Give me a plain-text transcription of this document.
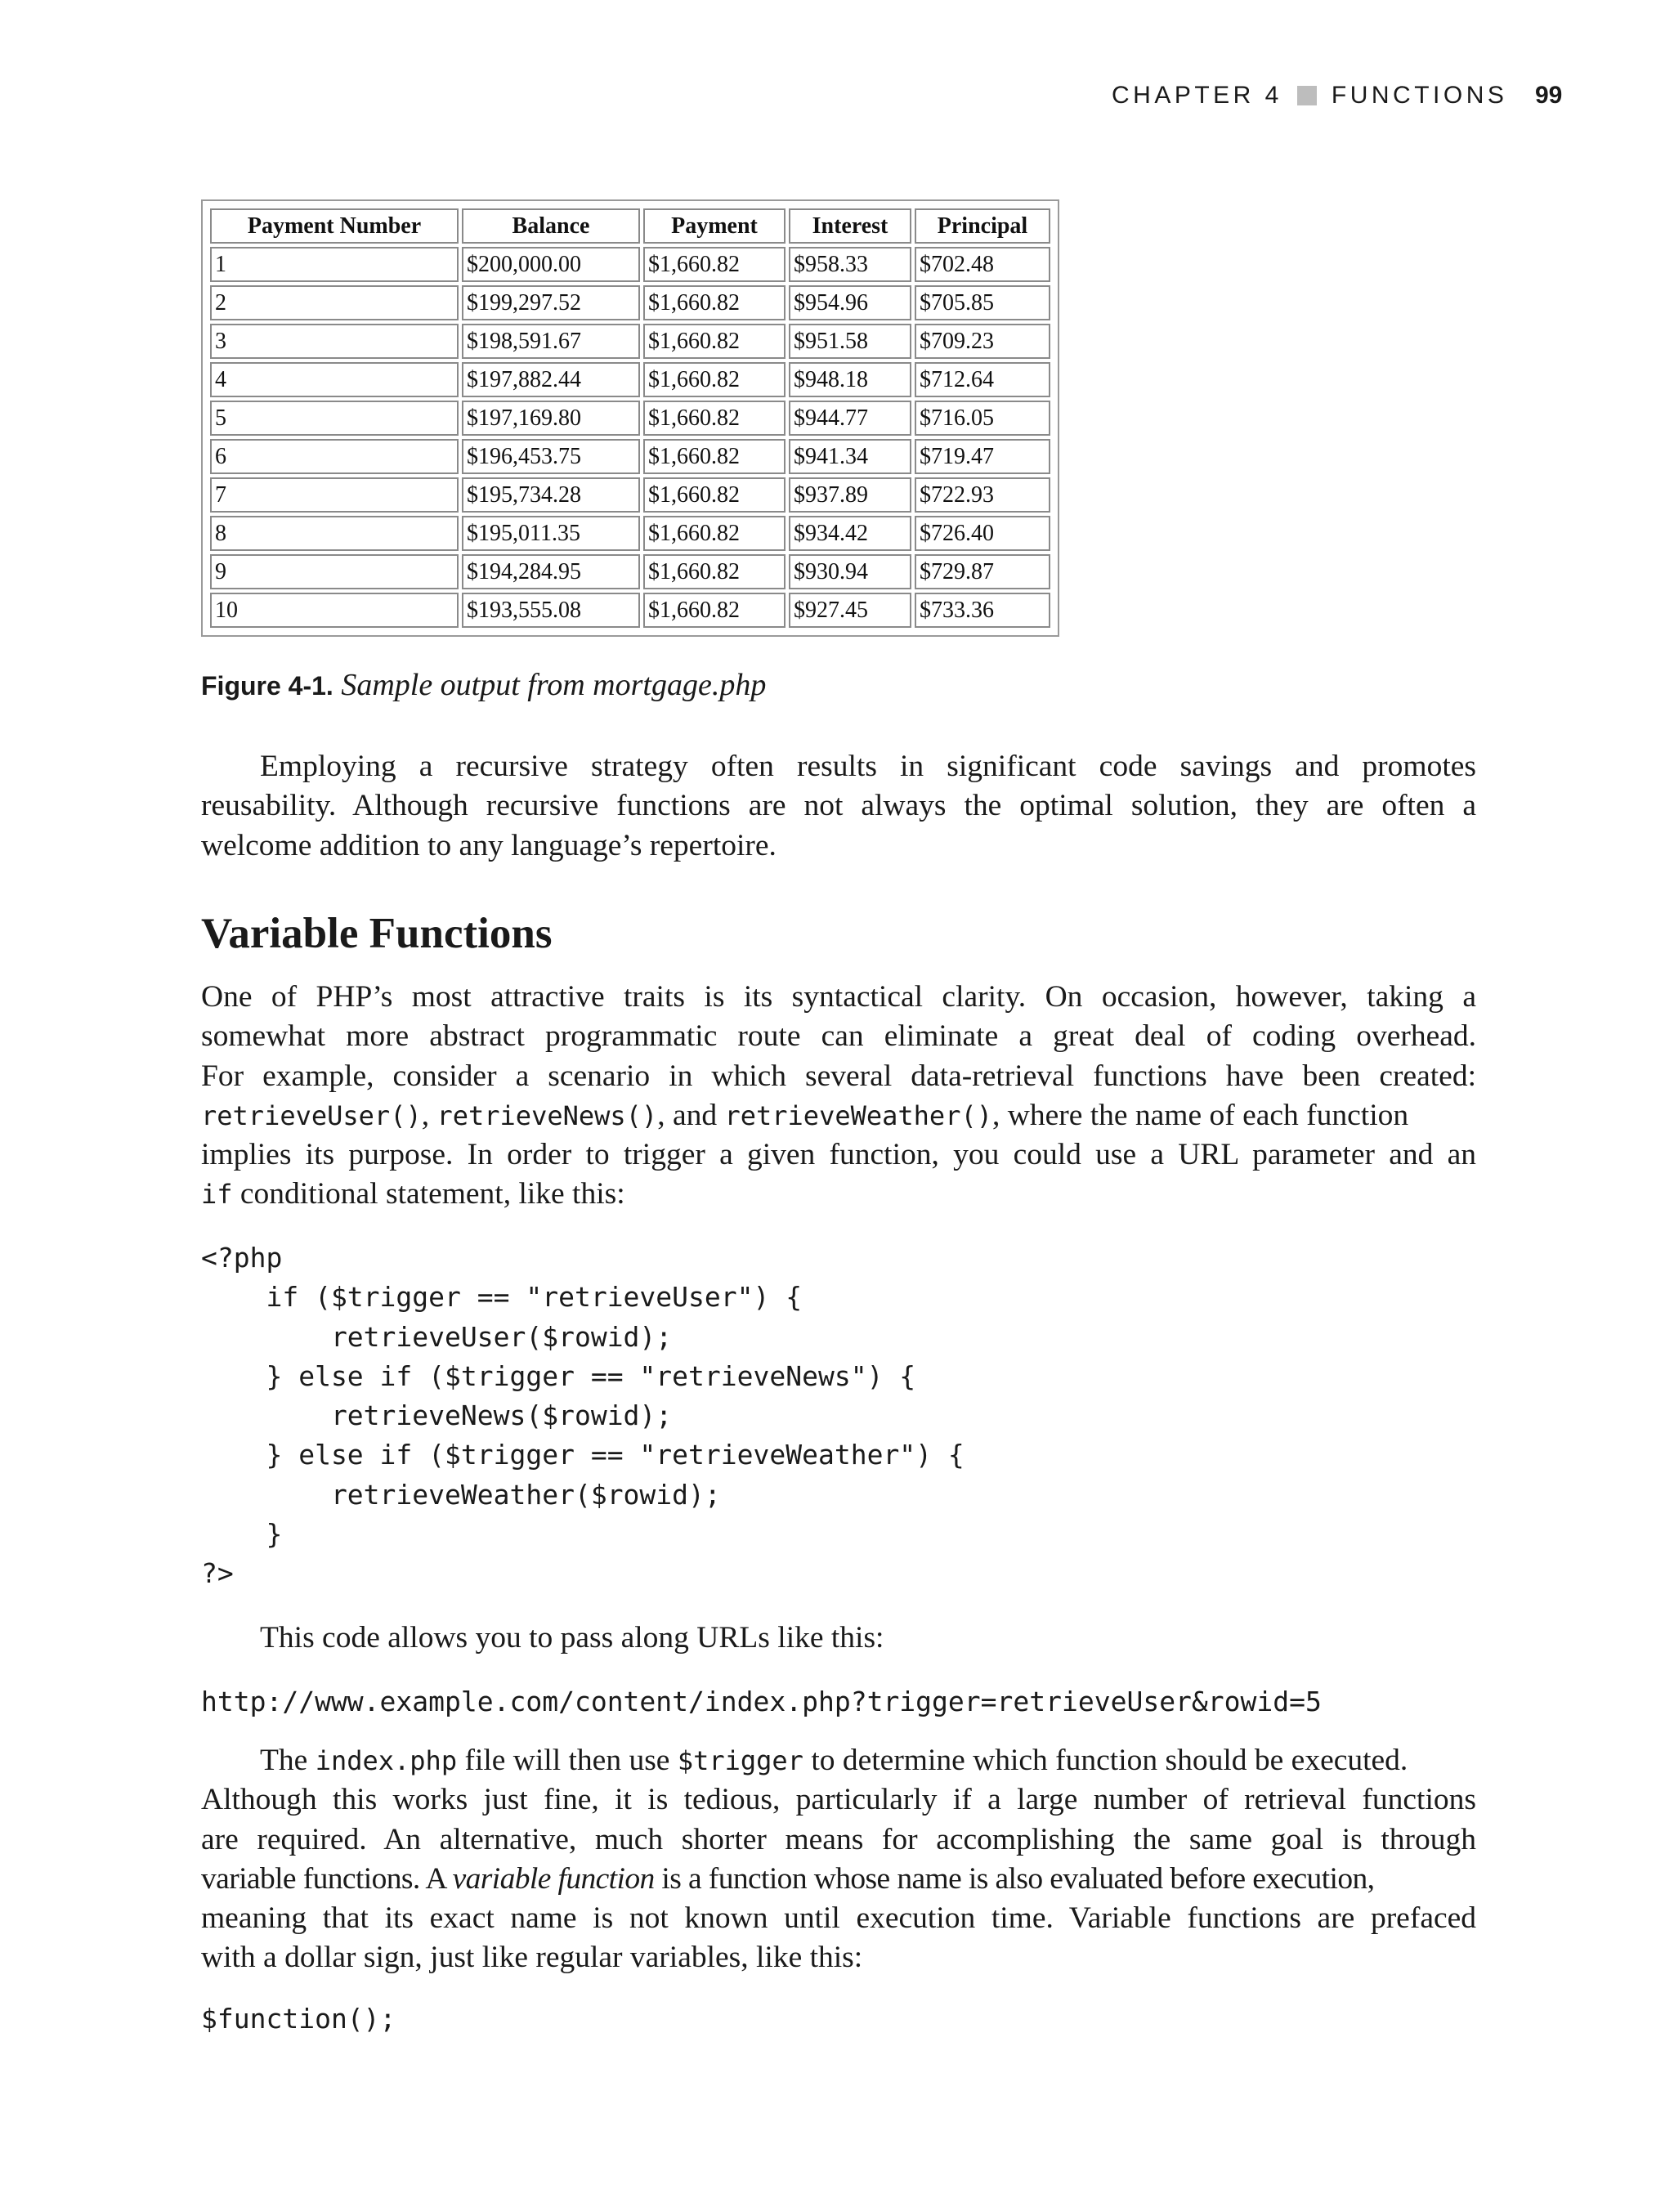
CHAPTER 4 FUNCTIONS 99
Payment Number	Balance	Payment	Interest	Principal
1	$200,000.00	$1,660.82	$958.33	$702.48
2	$199,297.52	$1,660.82	$954.96	$705.85
3	$198,591.67	$1,660.82	$951.58	$709.23
4	$197,882.44	$1,660.82	$948.18	$712.64
5	$197,169.80	$1,660.82	$944.77	$716.05
6	$196,453.75	$1,660.82	$941.34	$719.47
7	$195,734.28	$1,660.82	$937.89	$722.93
8	$195,011.35	$1,660.82	$934.42	$726.40
9	$194,284.95	$1,660.82	$930.94	$729.87
10	$193,555.08	$1,660.82	$927.45	$733.36
Figure 4-1. Sample output from mortgage.php

Employing a recursive strategy often results in significant code savings and promotes
reusability. Although recursive functions are not always the optimal solution, they are often a
welcome addition to any language’s repertoire.

Variable Functions

One of PHP’s most attractive traits is its syntactical clarity. On occasion, however, taking a
somewhat more abstract programmatic route can eliminate a great deal of coding overhead.
For example, consider a scenario in which several data-retrieval functions have been created:
retrieveUser(), retrieveNews(), and retrieveWeather(), where the name of each function
implies its purpose. In order to trigger a given function, you could use a URL parameter and an
if conditional statement, like this:

<?php
if ($trigger == "retrieveUser") {
retrieveUser($rowid);
} else if ($trigger == "retrieveNews") {
retrieveNews($rowid);
} else if ($trigger == "retrieveWeather") {
retrieveWeather($rowid);
}
?>

This code allows you to pass along URLs like this:

http://www.example.com/content/index.php?trigger=retrieveUser&rowid=5

The index.php file will then use $trigger to determine which function should be executed.
Although this works just fine, it is tedious, particularly if a large number of retrieval functions
are required. An alternative, much shorter means for accomplishing the same goal is through
variable functions. A variable function is a function whose name is also evaluated before execution,
meaning that its exact name is not known until execution time. Variable functions are prefaced
with a dollar sign, just like regular variables, like this:

$function();
